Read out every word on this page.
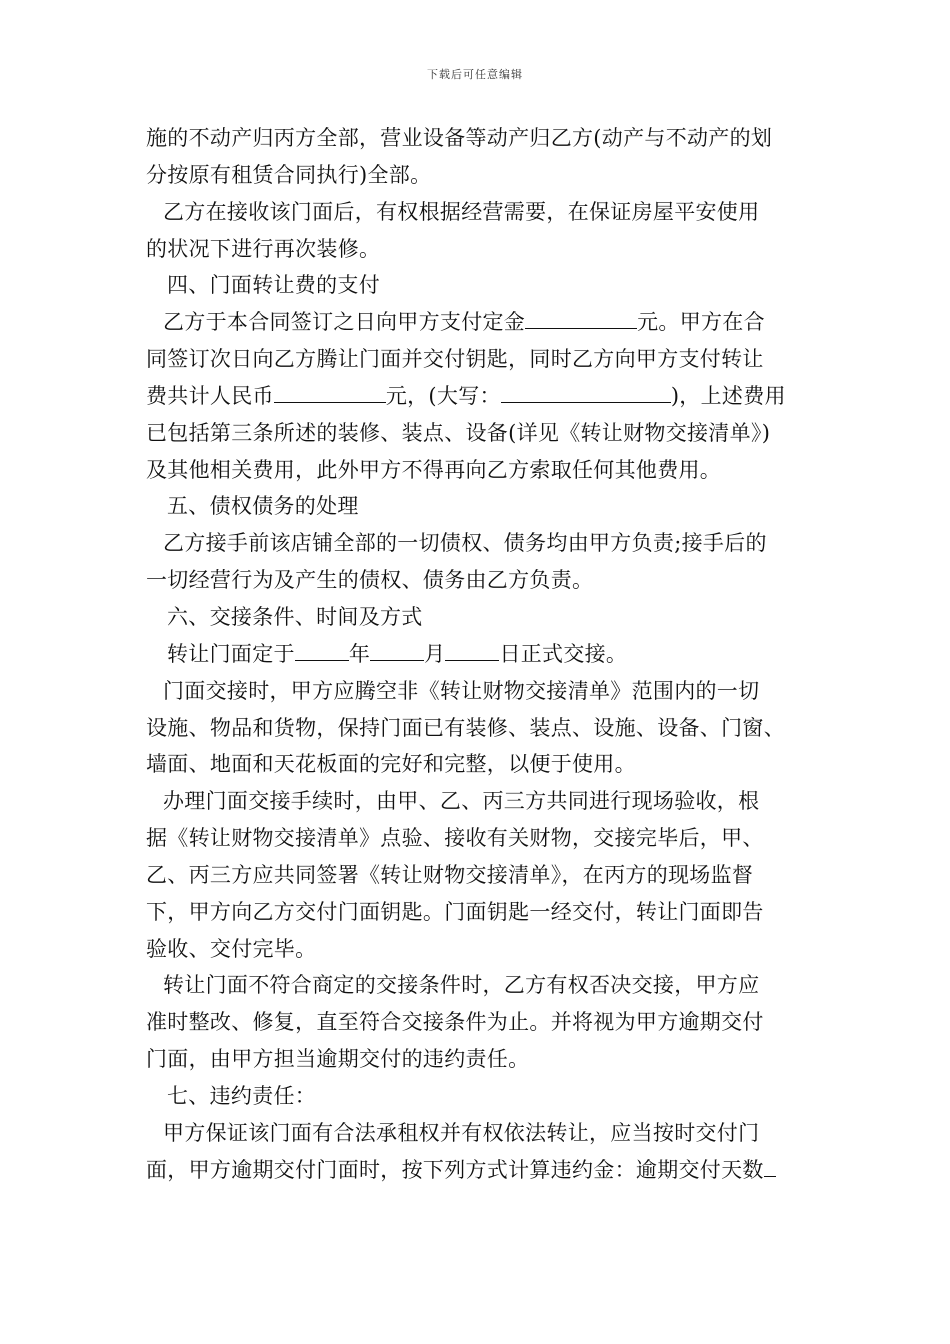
下载后可任意编辑
施的不动产归丙方全部，营业设备等动产归乙方(动产与不动产的划
分按原有租赁合同执行)全部。
乙方在接收该门面后，有权根据经营需要，在保证房屋平安使用
的状况下进行再次装修。
四、门面转让费的支付
乙方于本合同签订之日向甲方支付定金	元。甲方在合
同签订次日向乙方腾让门面并交付钥匙，同时乙方向甲方支付转让
费共计人民币	元，(大写：	)，上述费用
已包括第三条所述的装修、装点、设备(详见《转让财物交接清单》)
及其他相关费用，此外甲方不得再向乙方索取任何其他费用。
五、债权债务的处理
乙方接手前该店铺全部的一切债权、债务均由甲方负责;接手后的
一切经营行为及产生的债权、债务由乙方负责。
六、交接条件、时间及方式
转让门面定于	年	月	日正式交接。
门面交接时，甲方应腾空非《转让财物交接清单》范围内的一切
设施、物品和货物，保持门面已有装修、装点、设施、设备、门窗、
墙面、地面和天花板面的完好和完整，以便于使用。
办理门面交接手续时，由甲、乙、丙三方共同进行现场验收，根
据《转让财物交接清单》点验、接收有关财物，交接完毕后，甲、
乙、丙三方应共同签署《转让财物交接清单》，在丙方的现场监督
下，甲方向乙方交付门面钥匙。门面钥匙一经交付，转让门面即告
验收、交付完毕。
转让门面不符合商定的交接条件时，乙方有权否决交接，甲方应
准时整改、修复，直至符合交接条件为止。并将视为甲方逾期交付
门面，由甲方担当逾期交付的违约责任。
七、违约责任：
甲方保证该门面有合法承租权并有权依法转让，应当按时交付门
面，甲方逾期交付门面时，按下列方式计算违约金：逾期交付天数
